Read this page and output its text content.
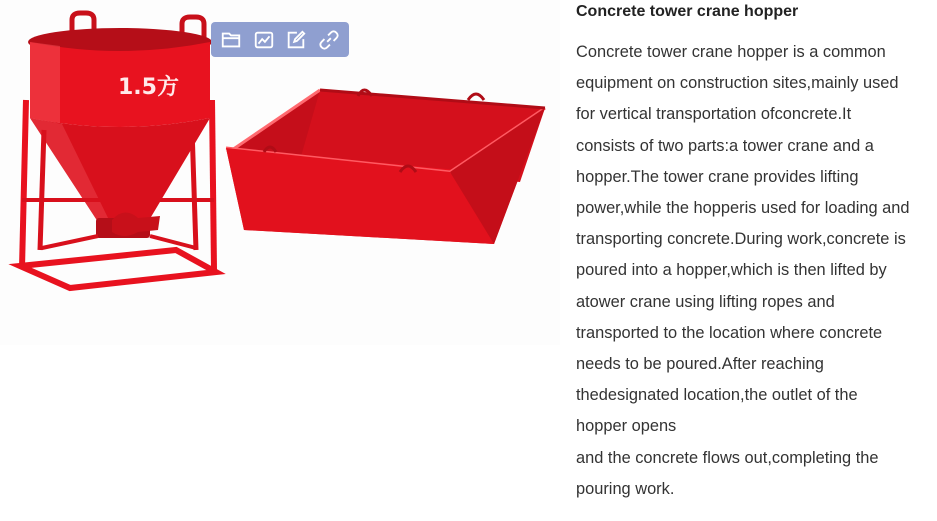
1.5方
Concrete tower crane hopper
Concrete tower crane hopper is a common
equipment on construction sites,mainly used
for vertical transportation ofconcrete.It
consists of two parts:a tower crane and a
hopper.The tower crane provides lifting
power,while the hopperis used for loading and
transporting concrete.During work,concrete is
poured into a hopper,which is then lifted by
atower crane using lifting ropes and
transported to the location where concrete
needs to be poured.After reaching
thedesignated location,the outlet of the
hopper opens
and the concrete flows out,completing the
pouring work.
